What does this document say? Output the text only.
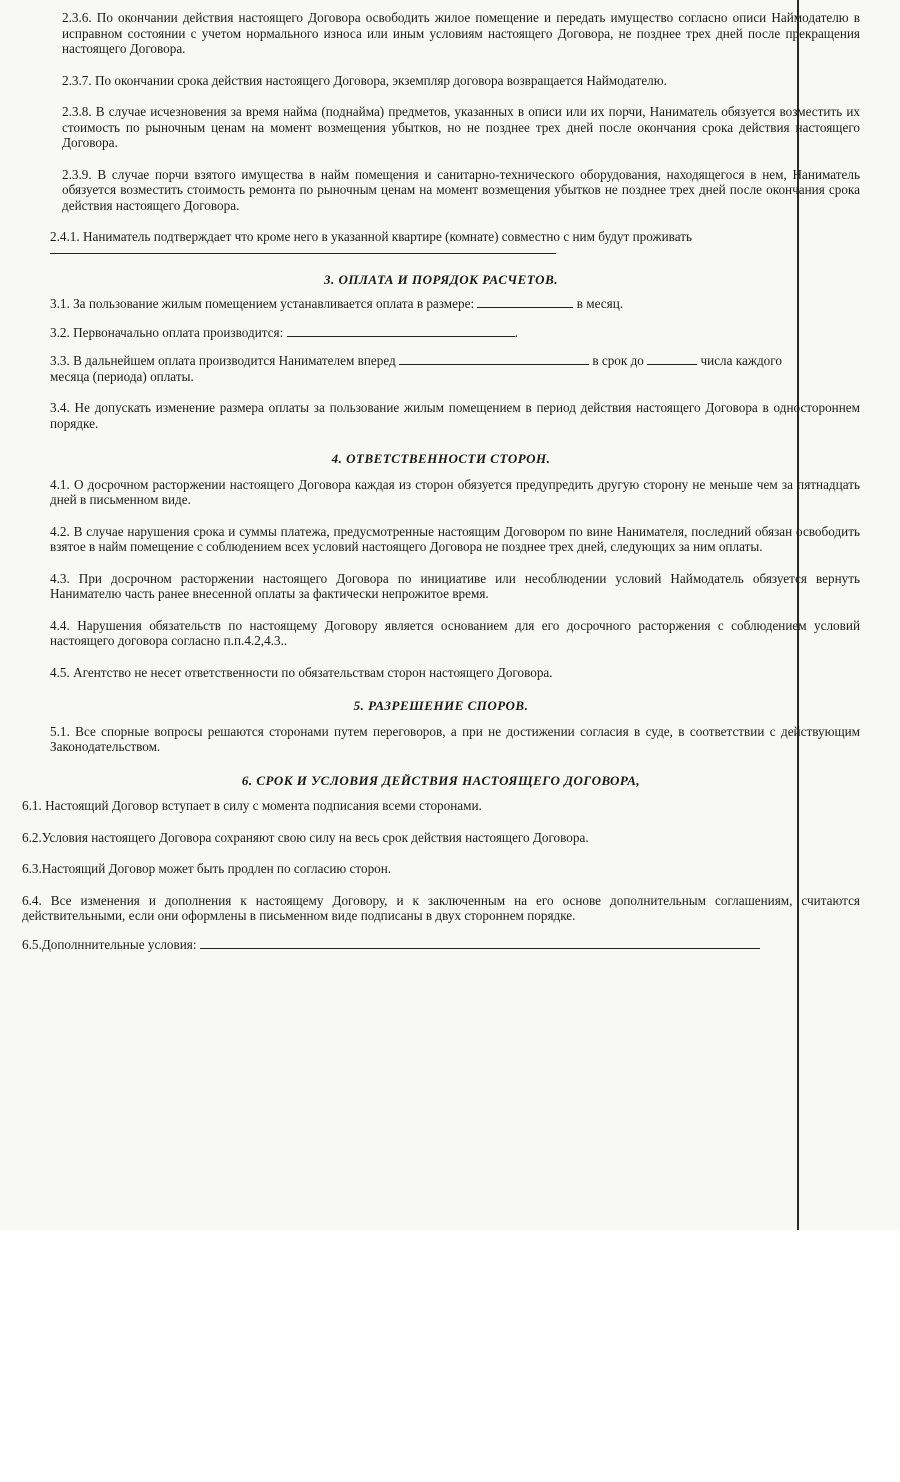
2.3.6. По окончании действия настоящего Договора освободить жилое помещение и передать имущество согласно описи Наймодателю в исправном состоянии с учетом нормального износа или иным условиям настоящего Договора, не позднее трех дней после прекращения настоящего Договора.

2.3.7. По окончании срока действия настоящего Договора, экземпляр договора возвращается Наймодателю.

2.3.8. В случае исчезновения за время найма (поднайма) предметов, указанных в описи или их порчи, Наниматель обязуется возместить их стоимость по рыночным ценам на момент возмещения убытков, но не позднее трех дней после окончания срока действия настоящего Договора.

2.3.9. В случае порчи взятого имущества в найм помещения и санитарно-технического оборудования, находящегося в нем, Наниматель обязуется возместить стоимость ремонта по рыночным ценам на момент возмещения убытков не позднее трех дней после окончания срока действия настоящего Договора.

2.4.1. Наниматель подтверждает что кроме него в указанной квартире (комнате) совместно с ним будут проживать

3. ОПЛАТА И ПОРЯДОК РАСЧЕТОВ.

3.1. За пользование жилым помещением устанавливается оплата в размере:	в месяц.

3.2. Первоначально оплата производится:	.

3.3. В дальнейшем оплата производится Нанимателем вперед	в срок до	числа каждого
месяца (периода) оплаты.

3.4. Не допускать изменение размера оплаты за пользование жилым помещением в период действия настоящего Договора в одностороннем порядке.

4. ОТВЕТСТВЕННОСТИ СТОРОН.

4.1. О досрочном расторжении настоящего Договора каждая из сторон обязуется предупредить другую сторону не меньше чем за пятнадцать дней в письменном виде.

4.2. В случае нарушения срока и суммы платежа, предусмотренные настоящим Договором по вине Нанимателя, последний обязан освободить взятое в найм помещение с соблюдением всех условий настоящего Договора не позднее трех дней, следующих за ним оплаты.

4.3. При досрочном расторжении настоящего Договора по инициативе или несоблюдении условий Наймодатель обязуется вернуть Нанимателю часть ранее внесенной оплаты за фактически непрожитое время.

4.4. Нарушения обязательств по настоящему Договору является основанием для его досрочного расторжения с соблюдением условий настоящего договора согласно п.п.4.2,4.3..

4.5. Агентство не несет ответственности по обязательствам сторон настоящего Договора.

5. РАЗРЕШЕНИЕ СПОРОВ.

5.1. Все спорные вопросы решаются сторонами путем переговоров, а при не достижении согласия в суде, в соответствии с действующим Законодательством.

6. СРОК И УСЛОВИЯ ДЕЙСТВИЯ НАСТОЯЩЕГО ДОГОВОРА,

6.1. Настоящий Договор вступает в силу с момента подписания всеми сторонами.

6.2.Условия настоящего Договора сохраняют свою силу на весь срок действия настоящего Договора.

6.3.Настоящий Договор может быть продлен по согласию сторон.

6.4. Все изменения и дополнения к настоящему Договору, и к заключенным на его основе дополнительным соглашениям, считаются действительными, если они оформлены в письменном виде подписаны в двух стороннем порядке.

6.5.Дополннительные условия:
